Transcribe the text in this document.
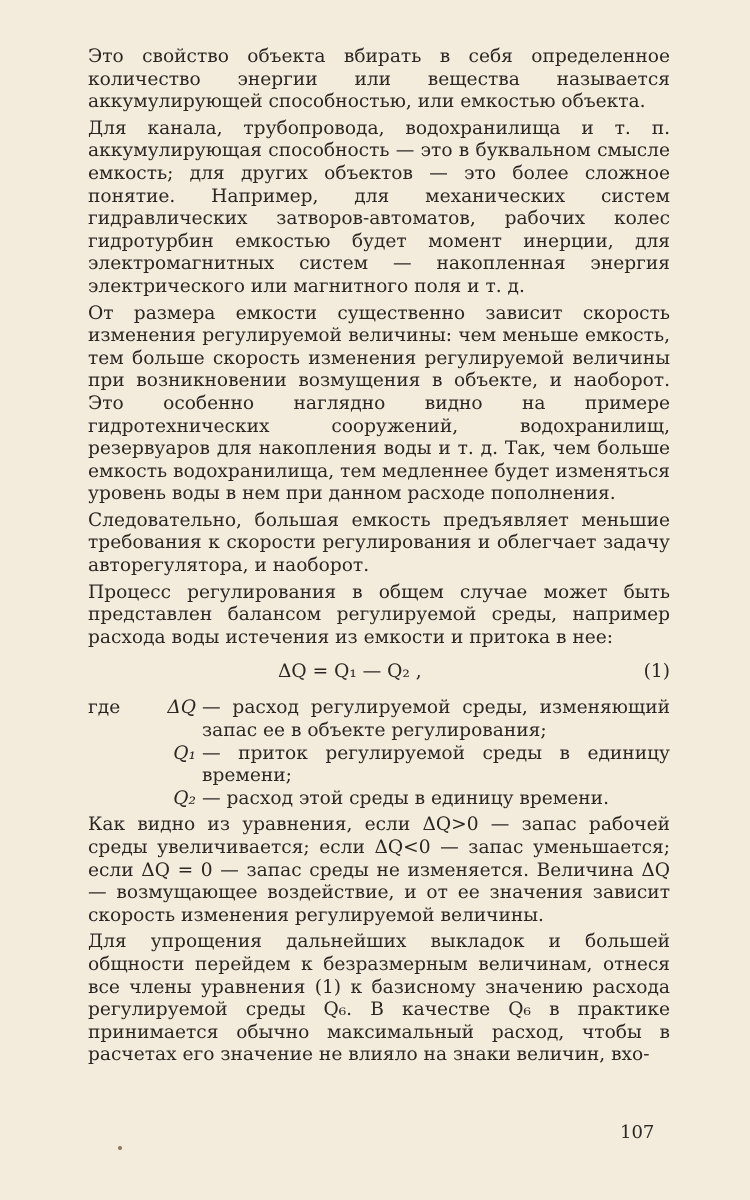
Это свойство объекта вбирать в себя определенное количество энергии или вещества называется аккумулирующей способностью, или емкостью объекта.

Для канала, трубопровода, водохранилища и т. п. аккумулирующая способность — это в буквальном смысле емкость; для других объектов — это более сложное понятие. Например, для механических систем гидравлических затворов-автоматов, рабочих колес гидротурбин емкостью будет момент инерции, для электромагнитных систем — накопленная энергия электрического или магнитного поля и т. д.

От размера емкости существенно зависит скорость изменения регулируемой величины: чем меньше емкость, тем больше скорость изменения регулируемой величины при возникновении возмущения в объекте, и наоборот. Это особенно наглядно видно на примере гидротехнических сооружений, водохранилищ, резервуаров для накопления воды и т. д. Так, чем больше емкость водохранилища, тем медленнее будет изменяться уровень воды в нем при данном расходе пополнения.

Следовательно, большая емкость предъявляет меньшие требования к скорости регулирования и облегчает задачу авторегулятора, и наоборот.

Процесс регулирования в общем случае может быть представлен балансом регулируемой среды, например расхода воды истечения из емкости и притока в нее:

ΔQ = Q₁ — Q₂ ,	(1)
где	ΔQ — расход регулируемой среды, изменяющий запас ее в объекте регулирования;
Q₁ — приток регулируемой среды в единицу времени;
Q₂ — расход этой среды в единицу времени.

Как видно из уравнения, если ΔQ>0 — запас рабочей среды увеличивается; если ΔQ<0 — запас уменьшается; если ΔQ = 0 — запас среды не изменяется. Величина ΔQ — возмущающее воздействие, и от ее значения зависит скорость изменения регулируемой величины.

Для упрощения дальнейших выкладок и большей общности перейдем к безразмерным величинам, отнеся все члены уравнения (1) к базисному значению расхода регулируемой среды Q₆. В качестве Q₆ в практике принимается обычно максимальный расход, чтобы в расчетах его значение не влияло на знаки величин, вхо-

107
